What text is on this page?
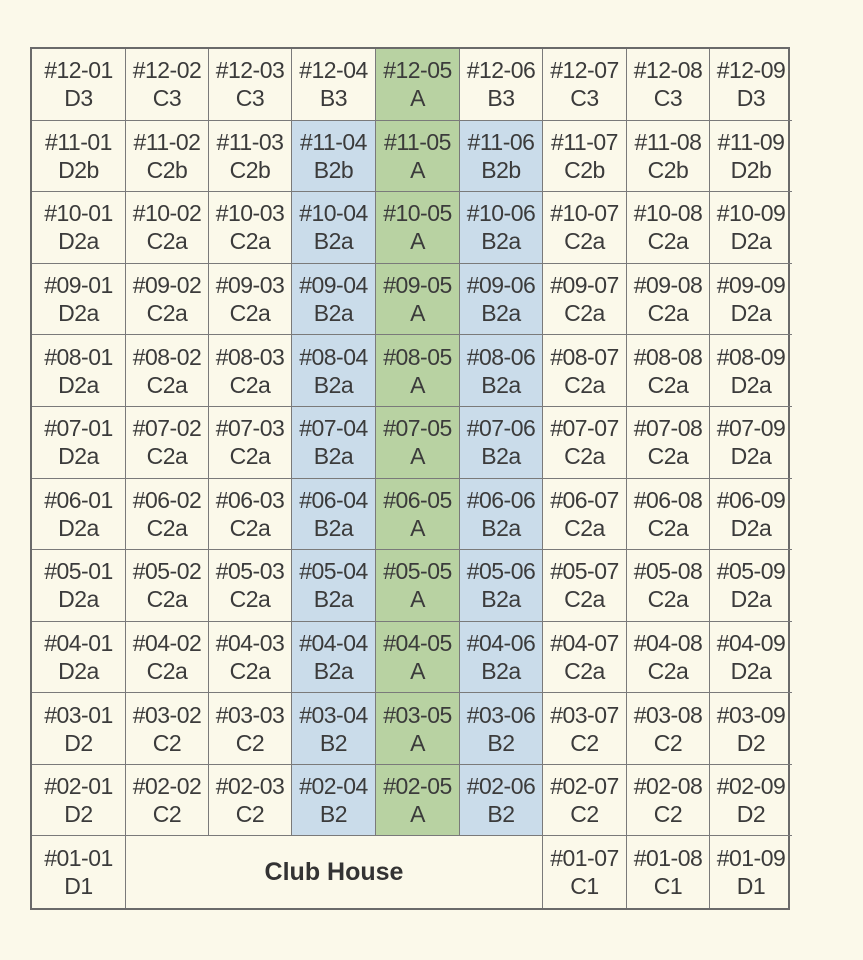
#12-01
D3
#12-02
C3
#12-03
C3
#12-04
B3
#12-05
A
#12-06
B3
#12-07
C3
#12-08
C3
#12-09
D3
#11-01
D2b
#11-02
C2b
#11-03
C2b
#11-04
B2b
#11-05
A
#11-06
B2b
#11-07
C2b
#11-08
C2b
#11-09
D2b
#10-01
D2a
#10-02
C2a
#10-03
C2a
#10-04
B2a
#10-05
A
#10-06
B2a
#10-07
C2a
#10-08
C2a
#10-09
D2a
#09-01
D2a
#09-02
C2a
#09-03
C2a
#09-04
B2a
#09-05
A
#09-06
B2a
#09-07
C2a
#09-08
C2a
#09-09
D2a
#08-01
D2a
#08-02
C2a
#08-03
C2a
#08-04
B2a
#08-05
A
#08-06
B2a
#08-07
C2a
#08-08
C2a
#08-09
D2a
#07-01
D2a
#07-02
C2a
#07-03
C2a
#07-04
B2a
#07-05
A
#07-06
B2a
#07-07
C2a
#07-08
C2a
#07-09
D2a
#06-01
D2a
#06-02
C2a
#06-03
C2a
#06-04
B2a
#06-05
A
#06-06
B2a
#06-07
C2a
#06-08
C2a
#06-09
D2a
#05-01
D2a
#05-02
C2a
#05-03
C2a
#05-04
B2a
#05-05
A
#05-06
B2a
#05-07
C2a
#05-08
C2a
#05-09
D2a
#04-01
D2a
#04-02
C2a
#04-03
C2a
#04-04
B2a
#04-05
A
#04-06
B2a
#04-07
C2a
#04-08
C2a
#04-09
D2a
#03-01
D2
#03-02
C2
#03-03
C2
#03-04
B2
#03-05
A
#03-06
B2
#03-07
C2
#03-08
C2
#03-09
D2
#02-01
D2
#02-02
C2
#02-03
C2
#02-04
B2
#02-05
A
#02-06
B2
#02-07
C2
#02-08
C2
#02-09
D2
#01-01
D1
Club House	#01-07
C1
#01-08
C1
#01-09
D1
